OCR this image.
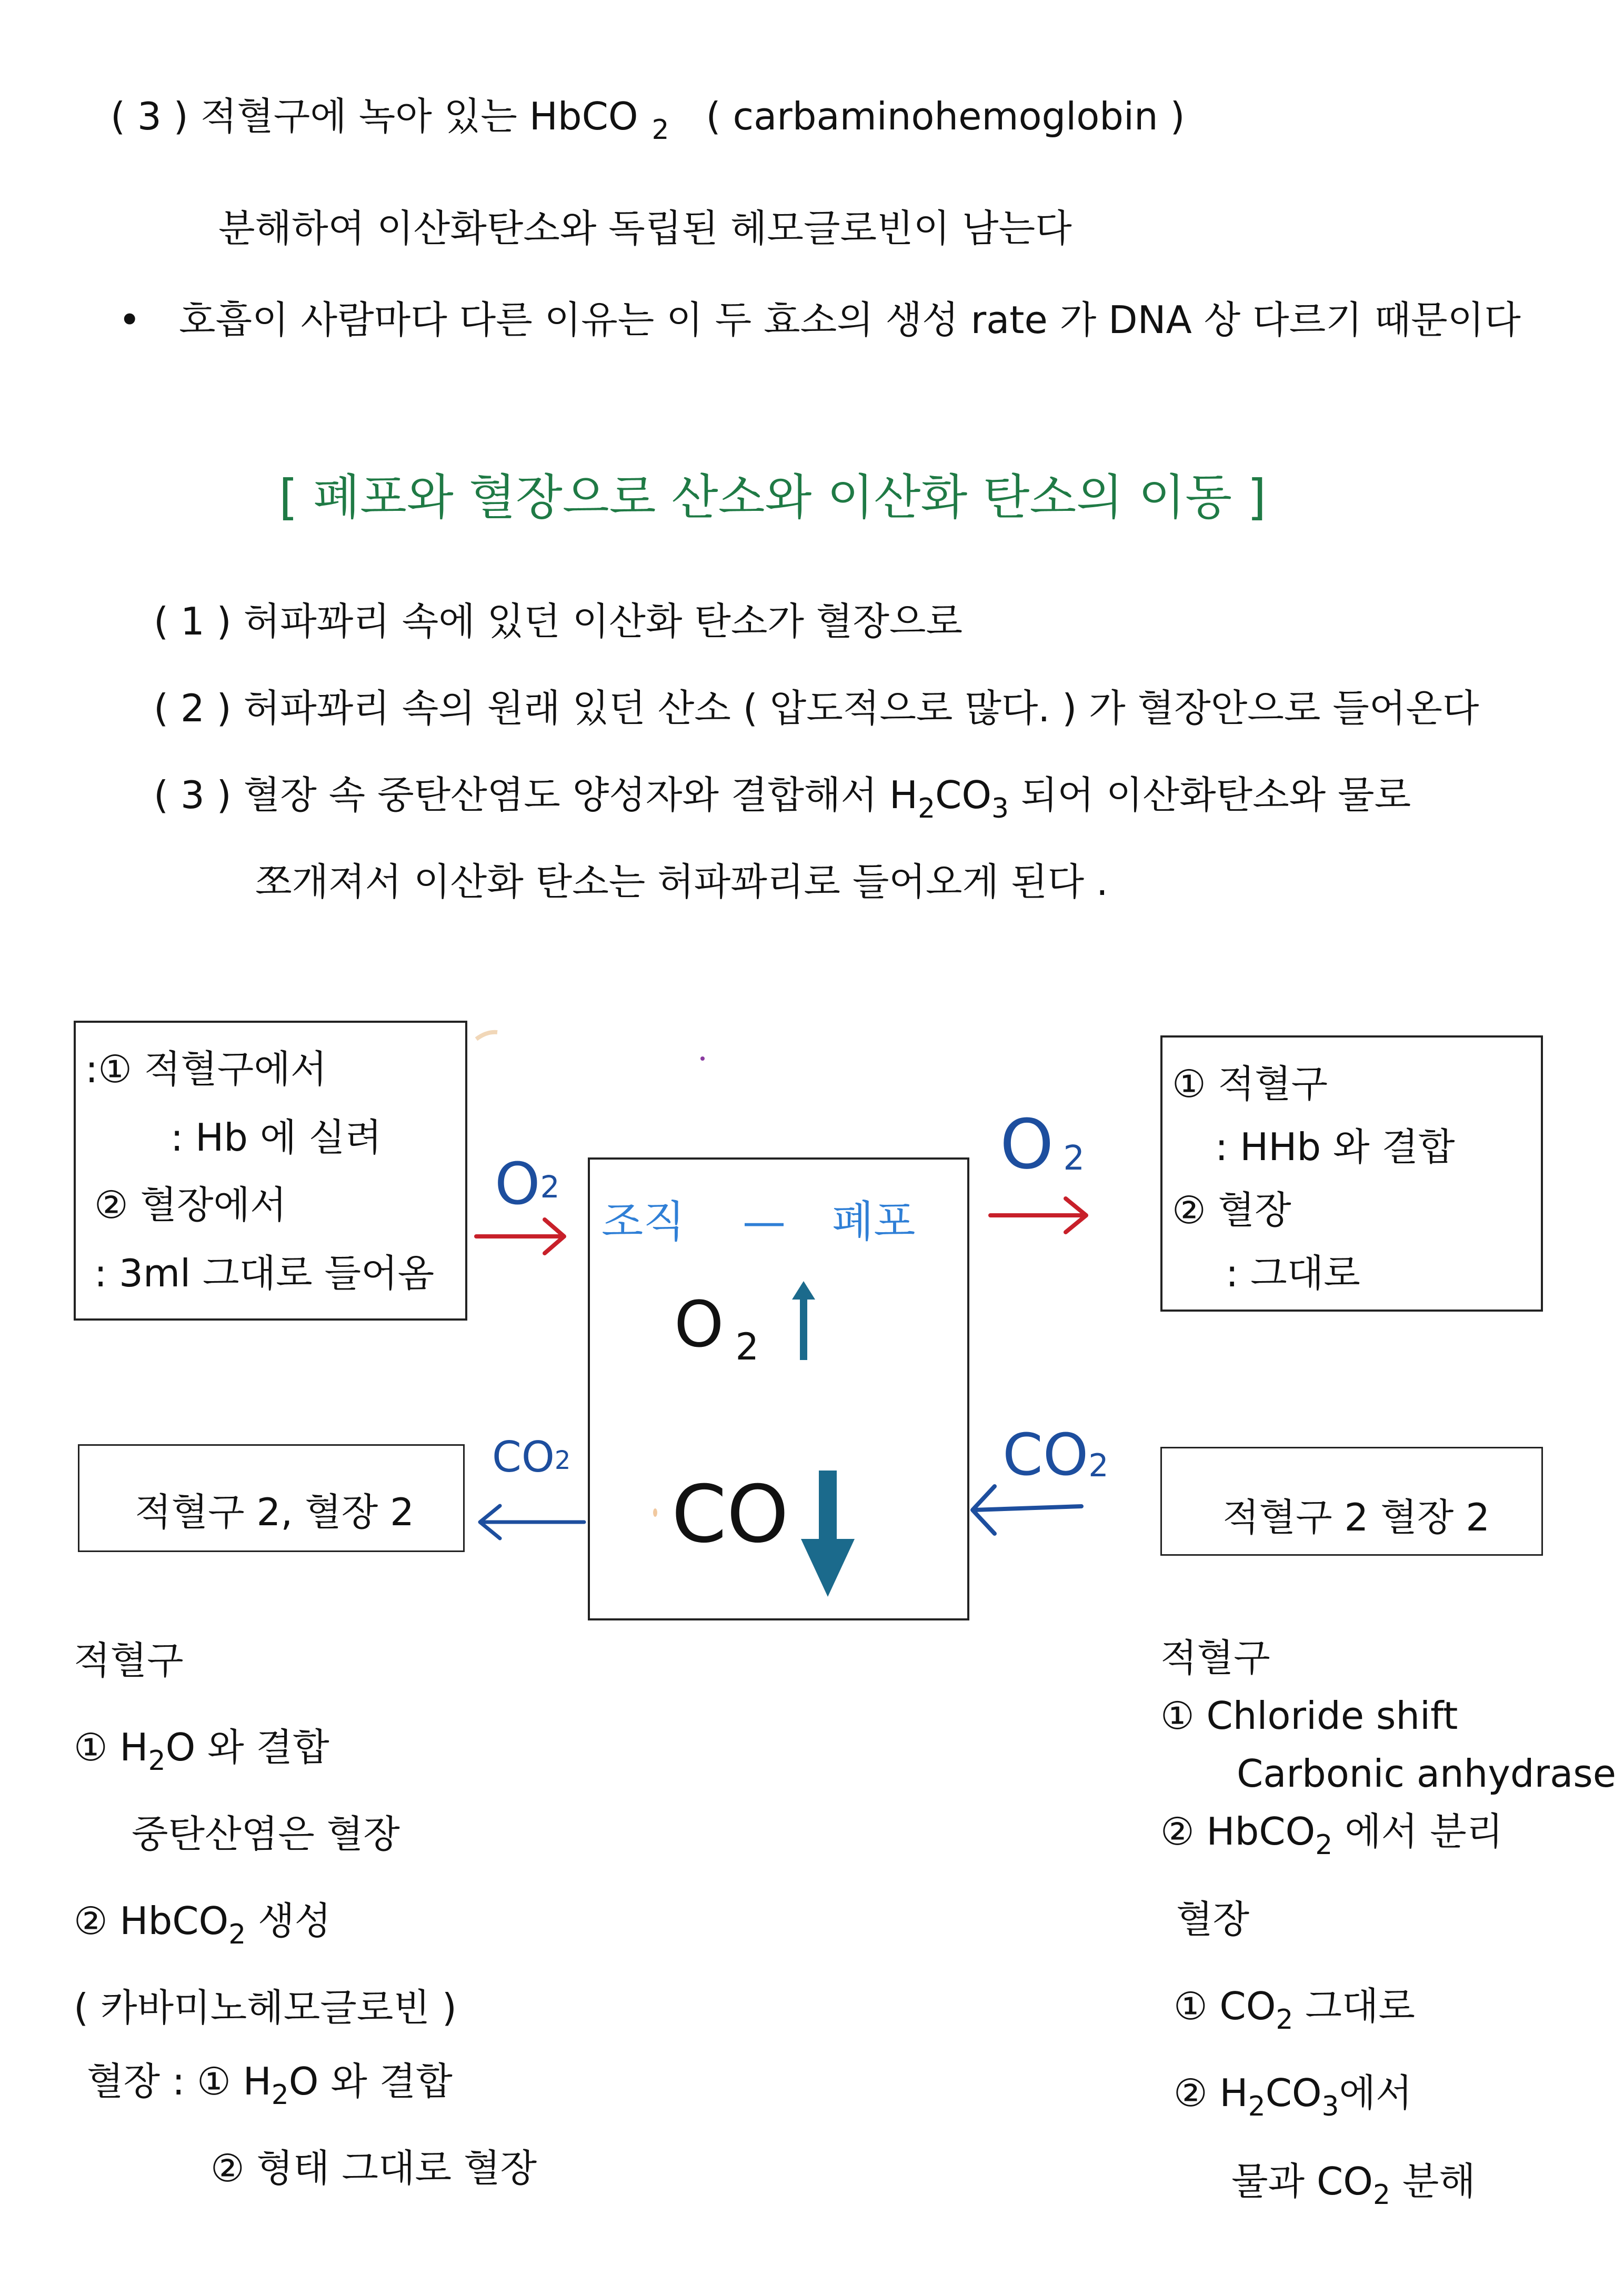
( 3 ) 적혈구에 녹아 있는 HbCO $_2$ ( carbaminohemoglobin )
분해하여 이산화탄소와 독립된 헤모글로빈이 남는다
• 호흡이 사람마다 다른 이유는 이 두 효소의 생성 rate 가 DNA 상 다르기 때문이다
[ 폐포와 혈장으로 산소와 이산화 탄소의 이동 ]
( 1 ) 허파꽈리 속에 있던 이산화 탄소가 혈장으로
( 2 ) 허파꽈리 속의 원래 있던 산소 ( 압도적으로 많다. ) 가 혈장안으로 들어온다
( 3 ) 혈장 속 중탄산염도 양성자와 결합해서 $H_2CO_3$ 되어 이산화탄소와 물로
쪼개져서 이산화 탄소는 허파꽈리로 들어오게 된다 .
:① 적혈구에서
: Hb 에 실려
② 혈장에서
: 3ml 그대로 들어옴
① 적혈구
: HHb 와 결합
② 혈장
: 그대로
조직 — 폐포
O $_2$
CO
적혈구 2, 혈장 2	적혈구 2 혈장 2
O2
O 2
CO2	CO2
적혈구
① $H_2O$ 와 결합
중탄산염은 혈장
② HbCO$_2$ 생성
( 카바미노헤모글로빈 )
혈장 : ① $H_2O$ 와 결합
② 형태 그대로 혈장
적혈구
① Chloride shift
Carbonic anhydrase
② HbCO$_2$ 에서 분리
혈장
① $CO_2$ 그대로
② $H_2CO_3$에서
물과 $CO_2$ 분해
